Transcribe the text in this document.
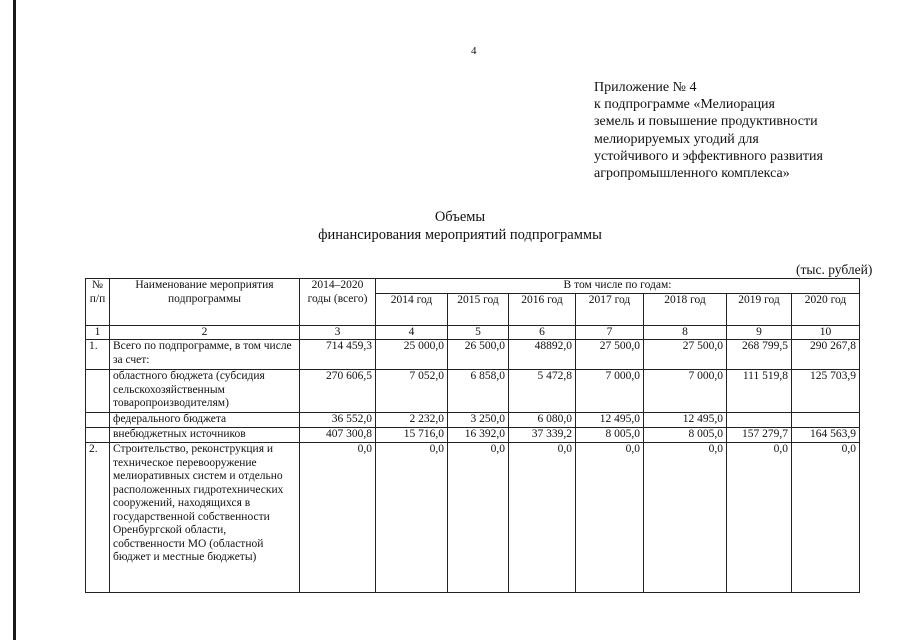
4
Приложение № 4
к подпрограмме «Мелиорация
земель и повышение продуктивности
мелиорируемых угодий для
устойчивого и эффективного развития
агропромышленного комплекса»
Объемы
финансирования мероприятий подпрограммы
(тыс. рублей)
№ п/п	Наименование мероприятия подпрограммы	2014–2020 годы (всего)	В том числе по годам:						
			2014 год	2015 год	2016 год	2017 год	2018 год	2019 год	2020 год
1	2	3	4	5	6	7	8	9	10
1.	Всего по подпрограмме, в том числе за счет:	714 459,3	25 000,0	26 500,0	48892,0	27 500,0	27 500,0	268 799,5	290 267,8
	областного бюджета (субсидия сельскохозяйственным товаропроизводителям)	270 606,5	7 052,0	6 858,0	5 472,8	7 000,0	7 000,0	111 519,8	125 703,9
	федерального бюджета	36 552,0	2 232,0	3 250,0	6 080,0	12 495,0	12 495,0		
	внебюджетных источников	407 300,8	15 716,0	16 392,0	37 339,2	8 005,0	8 005,0	157 279,7	164 563,9
2.	Строительство, реконструкция и техническое перевооружение мелиоративных систем и отдельно расположенных гидротехнических сооружений, находящихся в государственной собственности Оренбургской области, собственности МО (областной бюджет и местные бюджеты)	0,0	0,0	0,0	0,0	0,0	0,0	0,0	0,0
